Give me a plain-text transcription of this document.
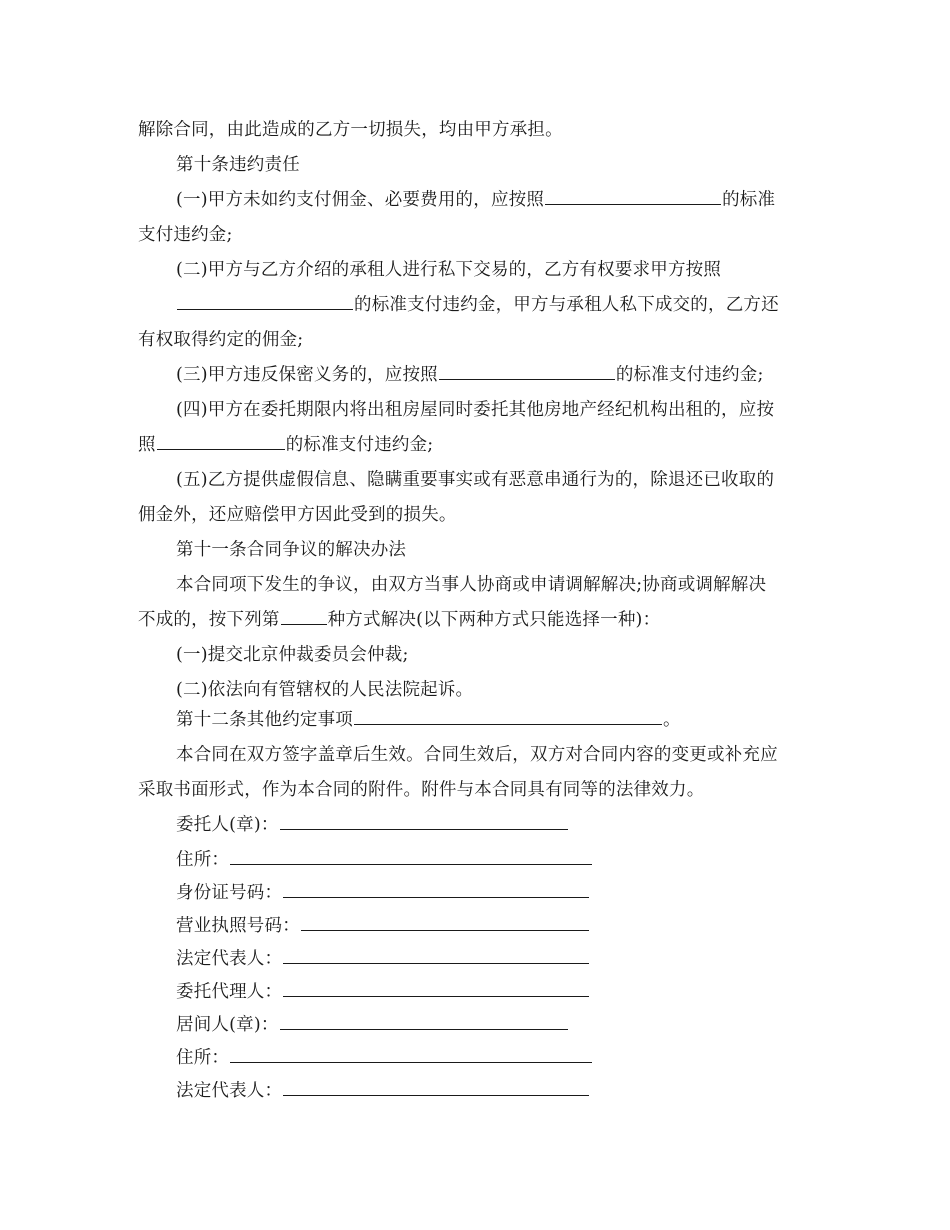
解除合同，由此造成的乙方一切损失，均由甲方承担。
第十条违约责任
(一)甲方未如约支付佣金、必要费用的，应按照	的标准
支付违约金;
(二)甲方与乙方介绍的承租人进行私下交易的，乙方有权要求甲方按照
的标准支付违约金，甲方与承租人私下成交的，乙方还
有权取得约定的佣金;
(三)甲方违反保密义务的，应按照	的标准支付违约金;
(四)甲方在委托期限内将出租房屋同时委托其他房地产经纪机构出租的，应按
照	的标准支付违约金;
(五)乙方提供虚假信息、隐瞒重要事实或有恶意串通行为的，除退还已收取的
佣金外，还应赔偿甲方因此受到的损失。
第十一条合同争议的解决办法
本合同项下发生的争议，由双方当事人协商或申请调解解决;协商或调解解决
不成的，按下列第	种方式解决(以下两种方式只能选择一种)：
(一)提交北京仲裁委员会仲裁;
(二)依法向有管辖权的人民法院起诉。
第十二条其他约定事项	。
本合同在双方签字盖章后生效。合同生效后，双方对合同内容的变更或补充应
采取书面形式，作为本合同的附件。附件与本合同具有同等的法律效力。
委托人(章)：
住所：
身份证号码：
营业执照号码：
法定代表人：
委托代理人：
居间人(章)：
住所：
法定代表人：
